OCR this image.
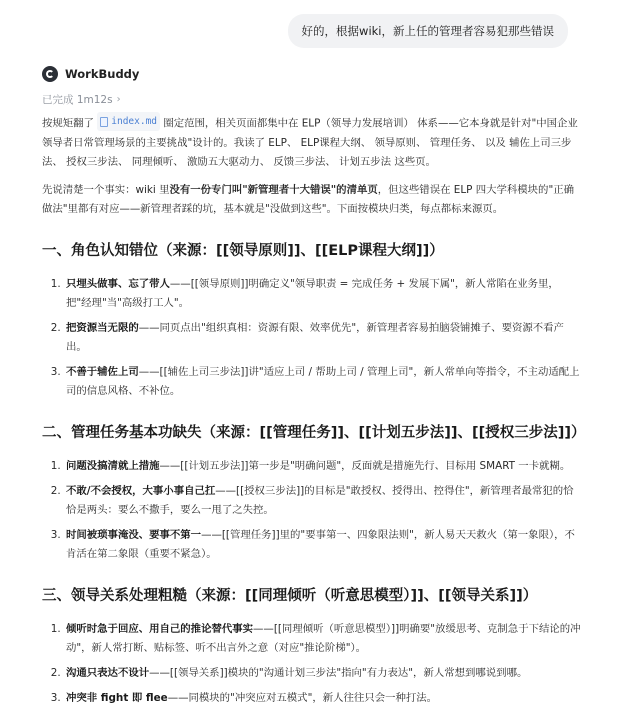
好的，根据wiki，新上任的管理者容易犯那些错误
WorkBuddy
已完成 1m12s ›

按规矩翻了 index.md 圈定范围，相关页面都集中在 ELP（领导力发展培训） 体系——它本身就是针对"中国企业领导者日常管理场景的主要挑战"设计的。我读了 ELP、 ELP课程大纲、 领导原则、 管理任务、 以及 辅佐上司三步法、 授权三步法、 同理倾听、 激励五大驱动力、 反馈三步法、 计划五步法 这些页。

先说清楚一个事实：wiki 里没有一份专门叫"新管理者十大错误"的清单页，但这些错误在 ELP 四大学科模块的"正确做法"里都有对应——新管理者踩的坑，基本就是"没做到这些"。下面按模块归类，每点都标来源页。

一、角色认知错位（来源：[[领导原则]]、[[ELP课程大纲]]）
1. 只埋头做事、忘了带人——[[领导原则]]明确定义"领导职责 = 完成任务 + 发展下属"，新人常陷在业务里，把"经理"当"高级打工人"。
2. 把资源当无限的——同页点出"组织真相：资源有限、效率优先"，新管理者容易拍脑袋铺摊子、要资源不看产出。
3. 不善于辅佐上司——[[辅佐上司三步法]]讲"适应上司 / 帮助上司 / 管理上司"，新人常单向等指令，不主动适配上司的信息风格、不补位。
二、管理任务基本功缺失（来源：[[管理任务]]、[[计划五步法]]、[[授权三步法]]）
1. 问题没搞清就上措施——[[计划五步法]]第一步是"明确问题"，反面就是措施先行、目标用 SMART 一卡就糊。
2. 不敢/不会授权，大事小事自己扛——[[授权三步法]]的目标是"敢授权、授得出、控得住"，新管理者最常犯的恰恰是两头：要么不撒手，要么一甩了之失控。
3. 时间被琐事淹没、要事不第一——[[管理任务]]里的"要事第一、四象限法则"，新人易天天救火（第一象限），不肯活在第二象限（重要不紧急）。
三、领导关系处理粗糙（来源：[[同理倾听（听意思模型）]]、[[领导关系]]）
1. 倾听时急于回应、用自己的推论替代事实——[[同理倾听（听意思模型）]]明确要"放缓思考、克制急于下结论的冲动"，新人常打断、贴标签、听不出言外之意（对应"推论阶梯"）。
2. 沟通只表达不设计——[[领导关系]]模块的"沟通计划三步法"指向"有力表达"，新人常想到哪说到哪。
3. 冲突非 fight 即 flee——同模块的"冲突应对五模式"，新人往往只会一种打法。
